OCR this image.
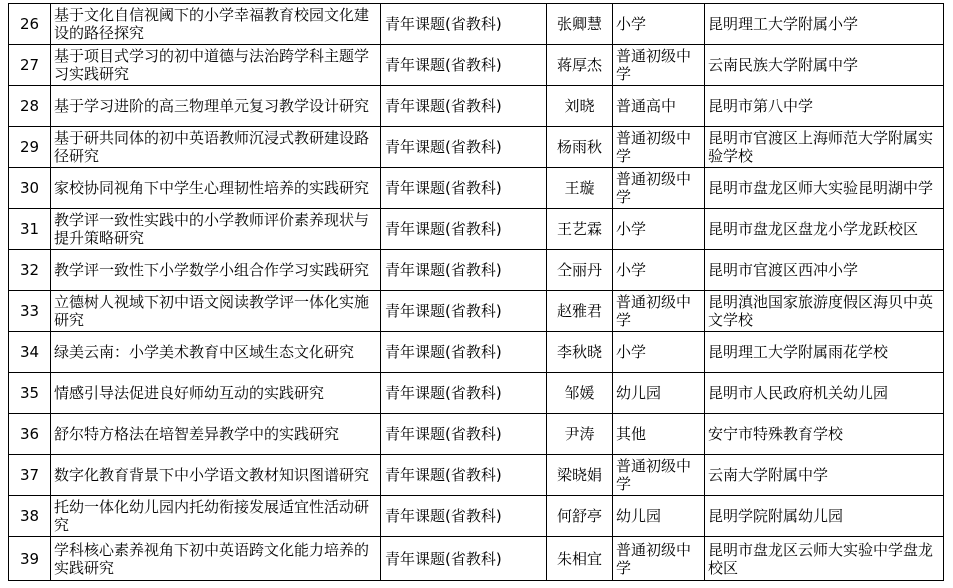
26	基于文化自信视阈下的小学幸福教育校园文化建设的路径探究	青年课题(省教科)	张卿慧	小学	昆明理工大学附属小学
27	基于项目式学习的初中道德与法治跨学科主题学习实践研究	青年课题(省教科)	蒋厚杰	普通初级中学	云南民族大学附属中学
28	基于学习进阶的高三物理单元复习教学设计研究	青年课题(省教科)	刘晓	普通高中	昆明市第八中学
29	基于研共同体的初中英语教师沉浸式教研建设路径研究	青年课题(省教科)	杨雨秋	普通初级中学	昆明市官渡区上海师范大学附属实验学校
30	家校协同视角下中学生心理韧性培养的实践研究	青年课题(省教科)	王璇	普通初级中学	昆明市盘龙区师大实验昆明湖中学
31	教学评一致性实践中的小学教师评价素养现状与提升策略研究	青年课题(省教科)	王艺霖	小学	昆明市盘龙区盘龙小学龙跃校区
32	教学评一致性下小学数学小组合作学习实践研究	青年课题(省教科)	仝丽丹	小学	昆明市官渡区西冲小学
33	立德树人视域下初中语文阅读教学评一体化实施研究	青年课题(省教科)	赵雅君	普通初级中学	昆明滇池国家旅游度假区海贝中英文学校
34	绿美云南：小学美术教育中区域生态文化研究	青年课题(省教科)	李秋晓	小学	昆明理工大学附属雨花学校
35	情感引导法促进良好师幼互动的实践研究	青年课题(省教科)	邹媛	幼儿园	昆明市人民政府机关幼儿园
36	舒尔特方格法在培智差异教学中的实践研究	青年课题(省教科)	尹涛	其他	安宁市特殊教育学校
37	数字化教育背景下中小学语文教材知识图谱研究	青年课题(省教科)	梁晓娟	普通初级中学	云南大学附属中学
38	托幼一体化幼儿园内托幼衔接发展适宜性活动研究	青年课题(省教科)	何舒亭	幼儿园	昆明学院附属幼儿园
39	学科核心素养视角下初中英语跨文化能力培养的实践研究	青年课题(省教科)	朱相宜	普通初级中学	昆明市盘龙区云师大实验中学盘龙校区
